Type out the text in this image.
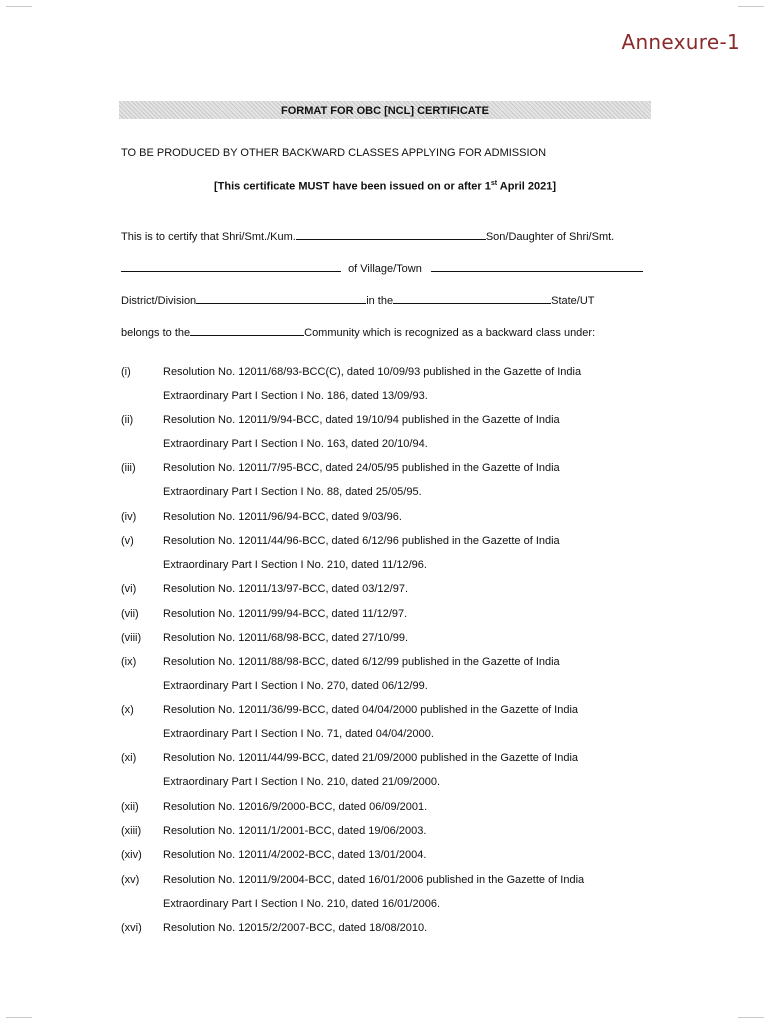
Annexure-1
FORMAT FOR OBC [NCL] CERTIFICATE
TO BE PRODUCED BY OTHER BACKWARD CLASSES APPLYING FOR ADMISSION
[This certificate MUST have been issued on or after 1st April 2021]
This is to certify that Shri/Smt./Kum.	Son/Daughter of Shri/Smt.
of Village/Town
District/Division	in the	State/UT
belongs to the	Community which is recognized as a backward class under:
(i)	Resolution No. 12011/68/93-BCC(C), dated 10/09/93 published in the Gazette of India
Extraordinary Part I Section I No. 186, dated 13/09/93.
(ii)	Resolution No. 12011/9/94-BCC, dated 19/10/94 published in the Gazette of India
Extraordinary Part I Section I No. 163, dated 20/10/94.
(iii) Resolution No. 12011/7/95-BCC, dated 24/05/95 published in the Gazette of India
Extraordinary Part I Section I No. 88, dated 25/05/95.
(iv) Resolution No. 12011/96/94-BCC, dated 9/03/96.
(v)	Resolution No. 12011/44/96-BCC, dated 6/12/96 published in the Gazette of India
Extraordinary Part I Section I No. 210, dated 11/12/96.
(vi) Resolution No. 12011/13/97-BCC, dated 03/12/97.
(vii) Resolution No. 12011/99/94-BCC, dated 11/12/97.
(viii) Resolution No. 12011/68/98-BCC, dated 27/10/99.
(ix) Resolution No. 12011/88/98-BCC, dated 6/12/99 published in the Gazette of India
Extraordinary Part I Section I No. 270, dated 06/12/99.
(x)	Resolution No. 12011/36/99-BCC, dated 04/04/2000 published in the Gazette of India
Extraordinary Part I Section I No. 71, dated 04/04/2000.
(xi) Resolution No. 12011/44/99-BCC, dated 21/09/2000 published in the Gazette of India
Extraordinary Part I Section I No. 210, dated 21/09/2000.
(xii) Resolution No. 12016/9/2000-BCC, dated 06/09/2001.
(xiii) Resolution No. 12011/1/2001-BCC, dated 19/06/2003.
(xiv) Resolution No. 12011/4/2002-BCC, dated 13/01/2004.
(xv) Resolution No. 12011/9/2004-BCC, dated 16/01/2006 published in the Gazette of India
Extraordinary Part I Section I No. 210, dated 16/01/2006.
(xvi) Resolution No. 12015/2/2007-BCC, dated 18/08/2010.
